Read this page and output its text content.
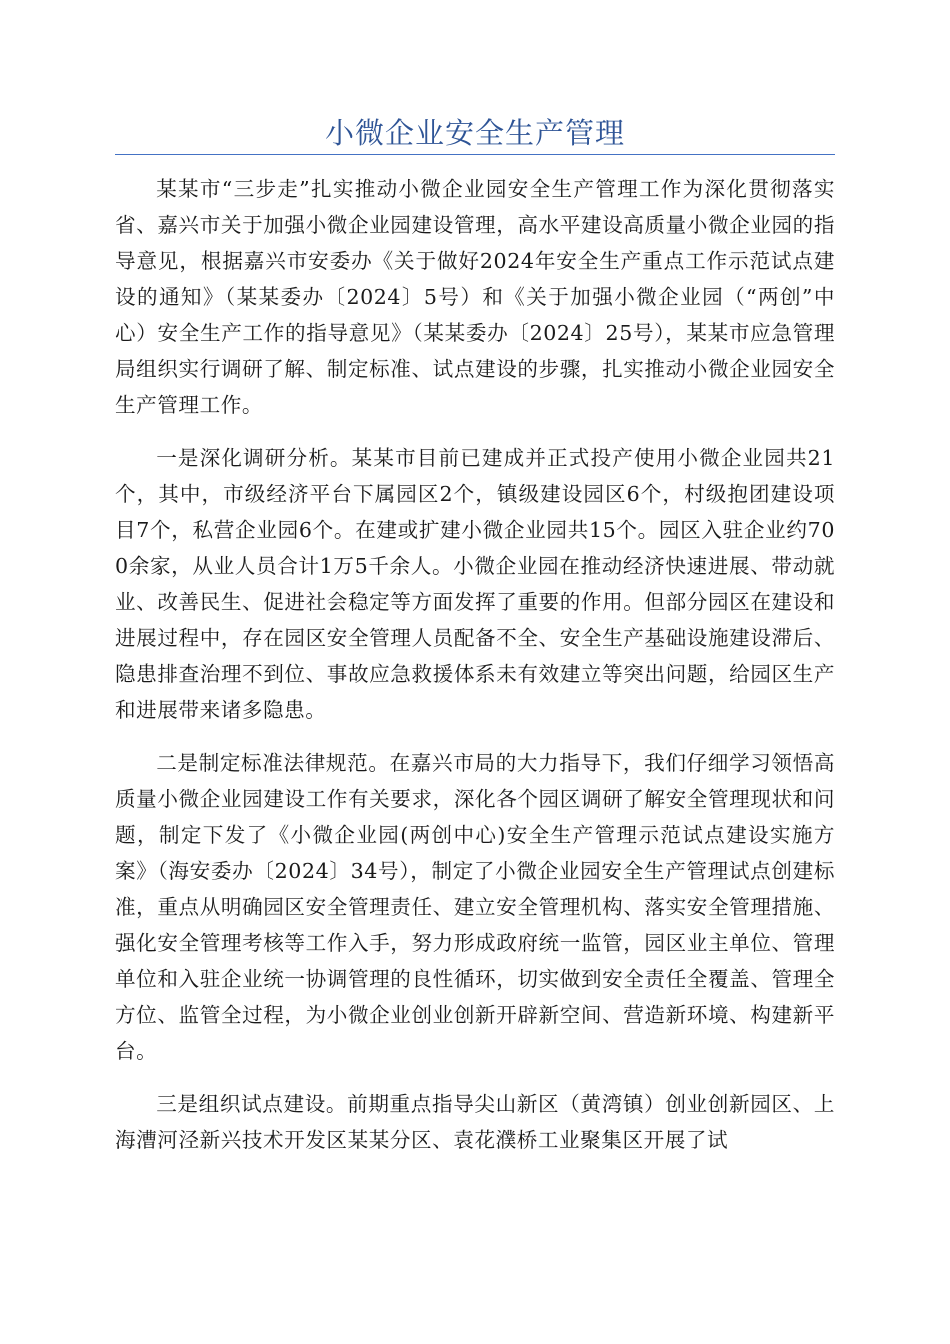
小微企业安全生产管理

某某市“三步走”扎实推动小微企业园安全生产管理工作为深化贯彻落实省、嘉兴市关于加强小微企业园建设管理，高水平建设高质量小微企业园的指导意见，根据嘉兴市安委办《关于做好2024年安全生产重点工作示范试点建设的通知》（某某委办〔2024〕5号）和《关于加强小微企业园（“两创”中心）安全生产工作的指导意见》（某某委办〔2024〕25号），某某市应急管理局组织实行调研了解、制定标准、试点建设的步骤，扎实推动小微企业园安全生产管理工作。

一是深化调研分析。某某市目前已建成并正式投产使用小微企业园共21个，其中，市级经济平台下属园区2个，镇级建设园区6个，村级抱团建设项目7个，私营企业园6个。在建或扩建小微企业园共15个。园区入驻企业约700余家，从业人员合计1万5千余人。小微企业园在推动经济快速进展、带动就业、改善民生、促进社会稳定等方面发挥了重要的作用。但部分园区在建设和进展过程中，存在园区安全管理人员配备不全、安全生产基础设施建设滞后、隐患排查治理不到位、事故应急救援体系未有效建立等突出问题，给园区生产和进展带来诸多隐患。

二是制定标准法律规范。在嘉兴市局的大力指导下，我们仔细学习领悟高质量小微企业园建设工作有关要求，深化各个园区调研了解安全管理现状和问题，制定下发了《小微企业园(两创中心)安全生产管理示范试点建设实施方案》（海安委办〔2024〕34号），制定了小微企业园安全生产管理试点创建标准，重点从明确园区安全管理责任、建立安全管理机构、落实安全管理措施、强化安全管理考核等工作入手，努力形成政府统一监管，园区业主单位、管理单位和入驻企业统一协调管理的良性循环，切实做到安全责任全覆盖、管理全方位、监管全过程，为小微企业创业创新开辟新空间、营造新环境、构建新平台。

三是组织试点建设。前期重点指导尖山新区（黄湾镇）创业创新园区、上海漕河泾新兴技术开发区某某分区、袁花濮桥工业聚集区开展了试
